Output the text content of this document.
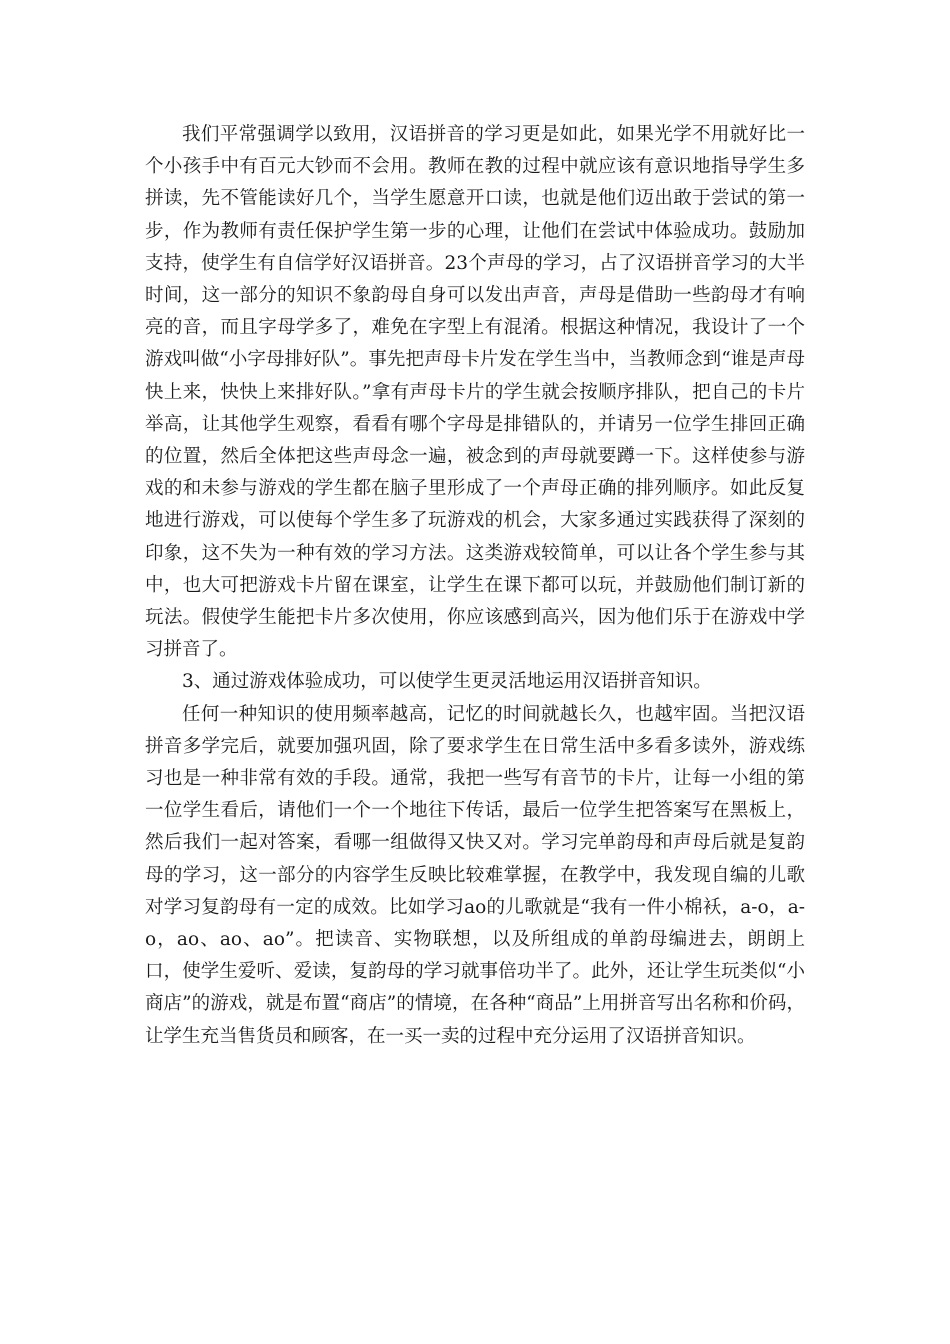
我们平常强调学以致用，汉语拼音的学习更是如此，如果光学不用就好比一个小孩手中有百元大钞而不会用。教师在教的过程中就应该有意识地指导学生多拼读，先不管能读好几个，当学生愿意开口读，也就是他们迈出敢于尝试的第一步，作为教师有责任保护学生第一步的心理，让他们在尝试中体验成功。鼓励加支持，使学生有自信学好汉语拼音。23个声母的学习，占了汉语拼音学习的大半时间，这一部分的知识不象韵母自身可以发出声音，声母是借助一些韵母才有响亮的音，而且字母学多了，难免在字型上有混淆。根据这种情况，我设计了一个游戏叫做“小字母排好队”。事先把声母卡片发在学生当中，当教师念到“谁是声母快上来，快快上来排好队。”拿有声母卡片的学生就会按顺序排队，把自己的卡片举高，让其他学生观察，看看有哪个字母是排错队的，并请另一位学生排回正确的位置，然后全体把这些声母念一遍，被念到的声母就要蹲一下。这样使参与游戏的和未参与游戏的学生都在脑子里形成了一个声母正确的排列顺序。如此反复地进行游戏，可以使每个学生多了玩游戏的机会，大家多通过实践获得了深刻的印象，这不失为一种有效的学习方法。这类游戏较简单，可以让各个学生参与其中，也大可把游戏卡片留在课室，让学生在课下都可以玩，并鼓励他们制订新的玩法。假使学生能把卡片多次使用，你应该感到高兴，因为他们乐于在游戏中学习拼音了。

3、通过游戏体验成功，可以使学生更灵活地运用汉语拼音知识。

任何一种知识的使用频率越高，记忆的时间就越长久，也越牢固。当把汉语拼音多学完后，就要加强巩固，除了要求学生在日常生活中多看多读外，游戏练习也是一种非常有效的手段。通常，我把一些写有音节的卡片，让每一小组的第一位学生看后，请他们一个一个地往下传话，最后一位学生把答案写在黑板上，然后我们一起对答案，看哪一组做得又快又对。学习完单韵母和声母后就是复韵母的学习，这一部分的内容学生反映比较难掌握，在教学中，我发现自编的儿歌对学习复韵母有一定的成效。比如学习ao的儿歌就是“我有一件小棉袄，a-o，a-o，ao、ao、ao”。把读音、实物联想，以及所组成的单韵母编进去，朗朗上口，使学生爱听、爱读，复韵母的学习就事倍功半了。此外，还让学生玩类似“小商店”的游戏，就是布置“商店”的情境，在各种“商品”上用拼音写出名称和价码，让学生充当售货员和顾客，在一买一卖的过程中充分运用了汉语拼音知识。
